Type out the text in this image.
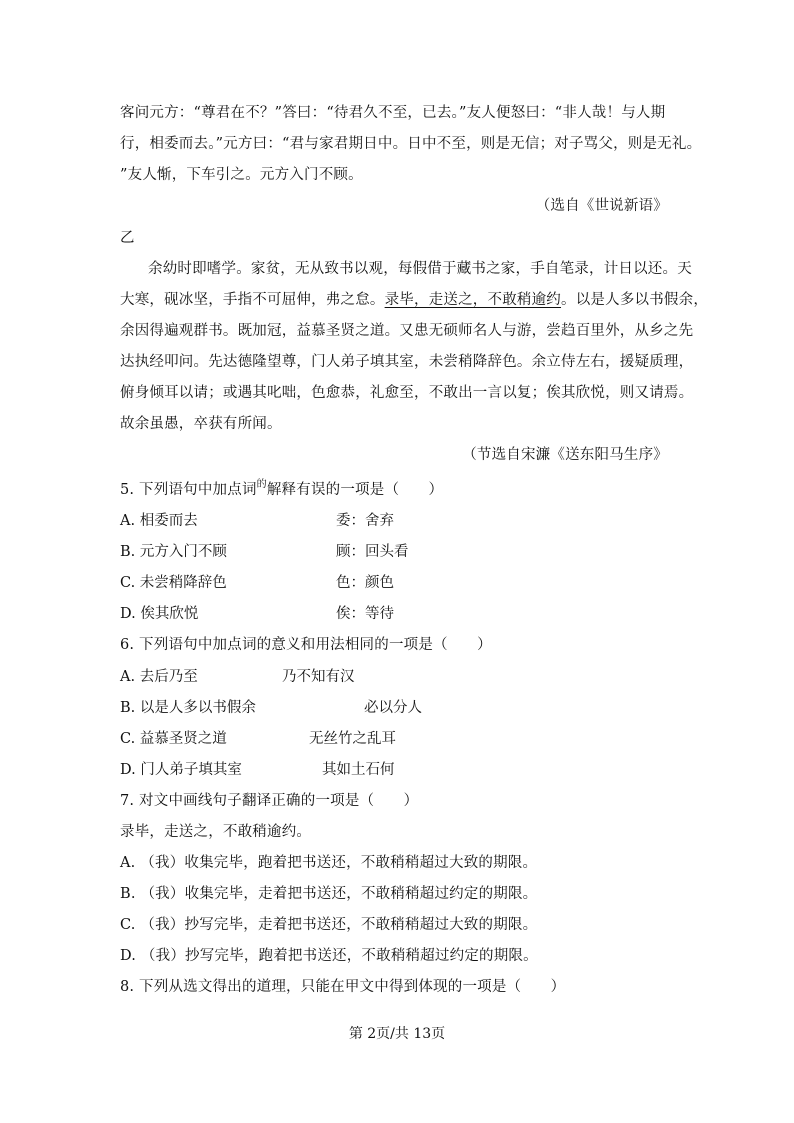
客问元方：“尊君在不？”答曰：“待君久不至，已去。”友人便怒曰：“非人哉！与人期
行，相委而去。”元方曰：“君与家君期日中。日中不至，则是无信；对子骂父，则是无礼。
”友人惭，下车引之。元方入门不顾。
（选自《世说新语》
乙
余幼时即嗜学。家贫，无从致书以观，每假借于藏书之家，手自笔录，计日以还。天
大寒，砚冰坚，手指不可屈伸，弗之怠。录毕，走送之，不敢稍逾约。以是人多以书假余，
余因得遍观群书。既加冠，益慕圣贤之道。又患无硕师名人与游，尝趋百里外，从乡之先
达执经叩问。先达德隆望尊，门人弟子填其室，未尝稍降辞色。余立侍左右，援疑质理，
俯身倾耳以请；或遇其叱咄，色愈恭，礼愈至，不敢出一言以复；俟其欣悦，则又请焉。
故余虽愚，卒获有所闻。
（节选自宋濂《送东阳马生序》
5. 下列语句中加点词$^的$解释有误的一项是（　　）
A. 相委而去	委：舍弃
B. 元方入门不顾	顾：回头看
C. 未尝稍降辞色	色：颜色
D. 俟其欣悦	俟：等待
6. 下列语句中加点词的意义和用法相同的一项是（　　）
A. 去后乃至	乃不知有汉
B. 以是人多以书假余	必以分人
C. 益慕圣贤之道	无丝竹之乱耳
D. 门人弟子填其室	其如土石何
7. 对文中画线句子翻译正确的一项是（　　）
录毕，走送之，不敢稍逾约。
A. （我）收集完毕，跑着把书送还，不敢稍稍超过大致的期限。
B. （我）收集完毕，走着把书送还，不敢稍稍超过约定的期限。
C. （我）抄写完毕，走着把书送还，不敢稍稍超过大致的期限。
D. （我）抄写完毕，跑着把书送还，不敢稍稍超过约定的期限。
8. 下列从选文得出的道理，只能在甲文中得到体现的一项是（　　）
第 2页/共 13页
